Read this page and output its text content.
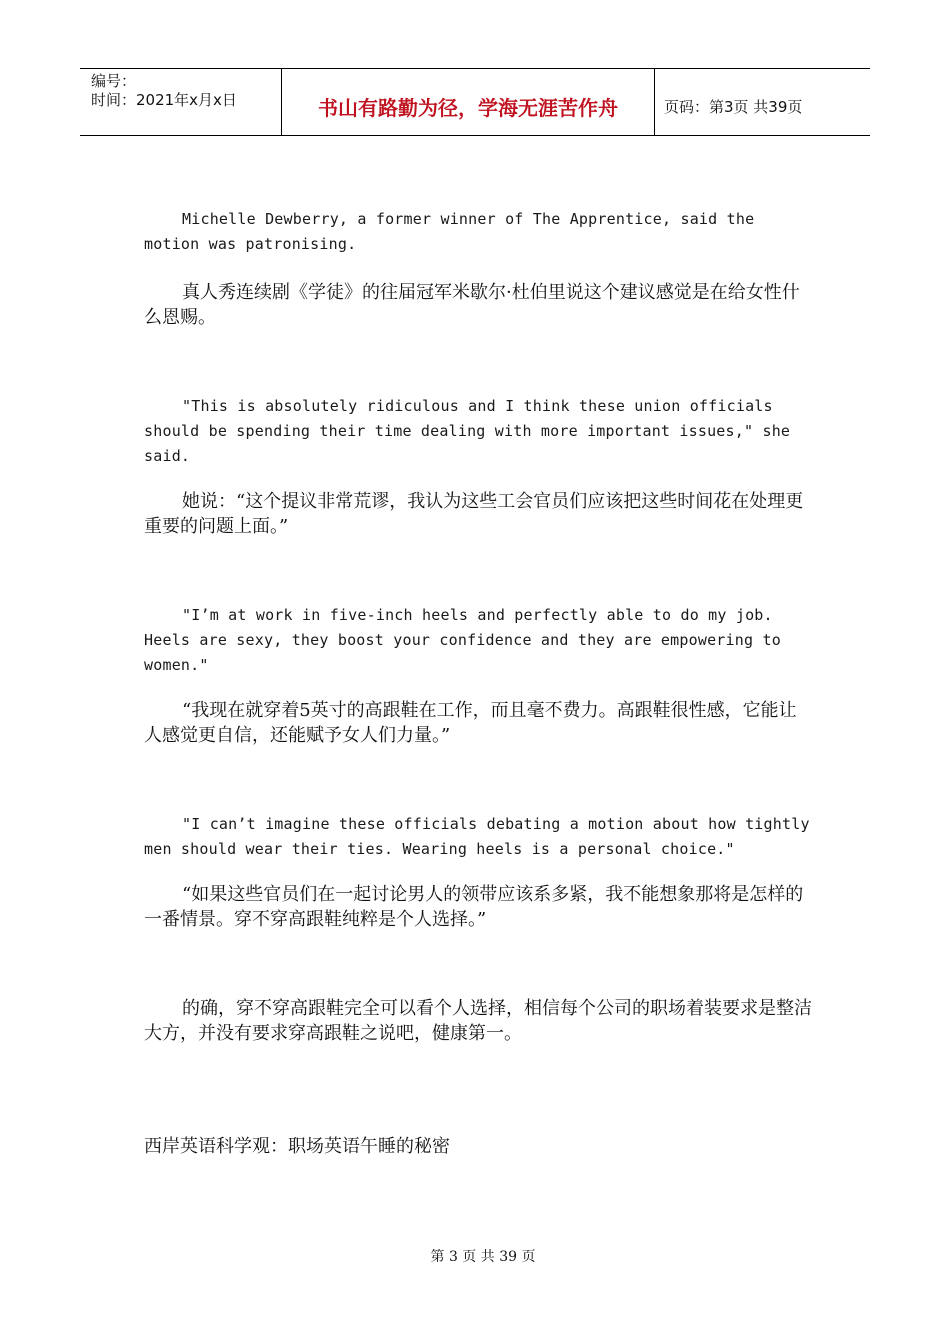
编号：
时间：2021年x月x日	书山有路勤为径，学海无涯苦作舟	页码：第3页 共39页

Michelle Dewberry, a former winner of The Apprentice, said the motion was patronising.

真人秀连续剧《学徒》的往届冠军米歇尔·杜伯里说这个建议感觉是在给女性什么恩赐。

"This is absolutely ridiculous and I think these union officials should be spending their time dealing with more important issues," she said.

她说：“这个提议非常荒谬，我认为这些工会官员们应该把这些时间花在处理更重要的问题上面。”

"I’m at work in five-inch heels and perfectly able to do my job. Heels are sexy, they boost your confidence and they are empowering to women."

“我现在就穿着5英寸的高跟鞋在工作，而且毫不费力。高跟鞋很性感，它能让人感觉更自信，还能赋予女人们力量。”

"I can’t imagine these officials debating a motion about how tightly men should wear their ties. Wearing heels is a personal choice."

“如果这些官员们在一起讨论男人的领带应该系多紧，我不能想象那将是怎样的一番情景。穿不穿高跟鞋纯粹是个人选择。”

的确，穿不穿高跟鞋完全可以看个人选择，相信每个公司的职场着装要求是整洁大方，并没有要求穿高跟鞋之说吧，健康第一。

西岸英语科学观：职场英语午睡的秘密

第 3 页 共 39 页
